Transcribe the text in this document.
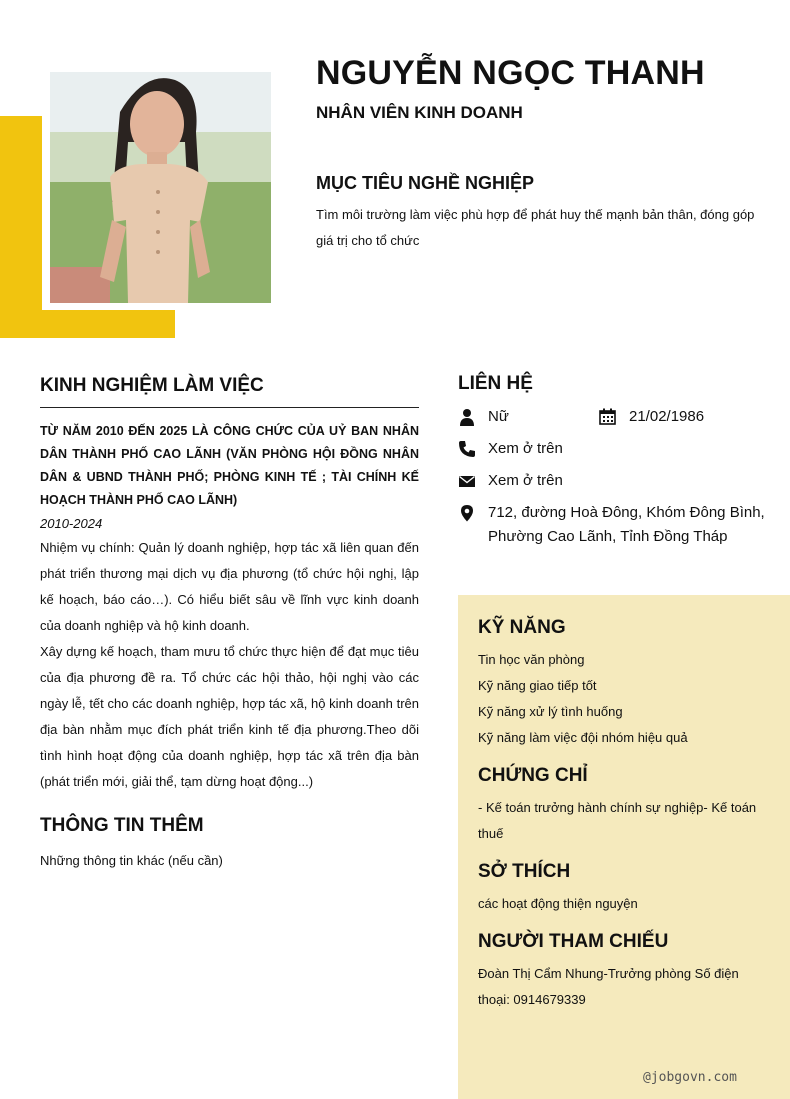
NGUYỄN NGỌC THANH
NHÂN VIÊN KINH DOANH
MỤC TIÊU NGHỀ NGHIỆP

Tìm môi trường làm việc phù hợp để phát huy thế mạnh bản thân, đóng góp giá trị cho tổ chức

KINH NGHIỆM LÀM VIỆC

TỪ NĂM 2010 ĐẾN 2025 LÀ CÔNG CHỨC CỦA UỶ BAN NHÂN DÂN THÀNH PHỐ CAO LÃNH (VĂN PHÒNG HỘI ĐỒNG NHÂN DÂN & UBND THÀNH PHỐ; PHÒNG KINH TẾ ; TÀI CHÍNH KẾ HOẠCH THÀNH PHỐ CAO LÃNH)

2010-2024

Nhiệm vụ chính: Quản lý doanh nghiệp, hợp tác xã liên quan đến phát triển thương mại dịch vụ địa phương (tổ chức hội nghị, lập kế hoạch, báo cáo…). Có hiểu biết sâu về lĩnh vực kinh doanh của doanh nghiệp và hộ kinh doanh.

Xây dựng kế hoạch, tham mưu tổ chức thực hiện để đạt mục tiêu của địa phương đề ra. Tổ chức các hội thảo, hội nghị vào các ngày lễ, tết cho các doanh nghiệp, hợp tác xã, hộ kinh doanh trên địa bàn nhằm mục đích phát triển kinh tế địa phương.Theo dõi tình hình hoạt động của doanh nghiệp, hợp tác xã trên địa bàn (phát triển mới, giải thể, tạm dừng hoạt động...)

THÔNG TIN THÊM
Những thông tin khác (nếu cần)
LIÊN HỆ
Nữ	21/02/1986
Xem ở trên
Xem ở trên
712, đường Hoà Đông, Khóm Đông Bình, Phường Cao Lãnh, Tỉnh Đồng Tháp
KỸ NĂNG

Tin học văn phòng

Kỹ năng giao tiếp tốt

Kỹ năng xử lý tình huống

Kỹ năng làm việc đội nhóm hiệu quả

CHỨNG CHỈ

- Kế toán trưởng hành chính sự nghiệp- Kế toán thuế

SỞ THÍCH

các hoạt động thiện nguyện

NGƯỜI THAM CHIẾU

Đoàn Thị Cẩm Nhung-Trưởng phòng Số điện thoại: 0914679339

@jobgovn.com
